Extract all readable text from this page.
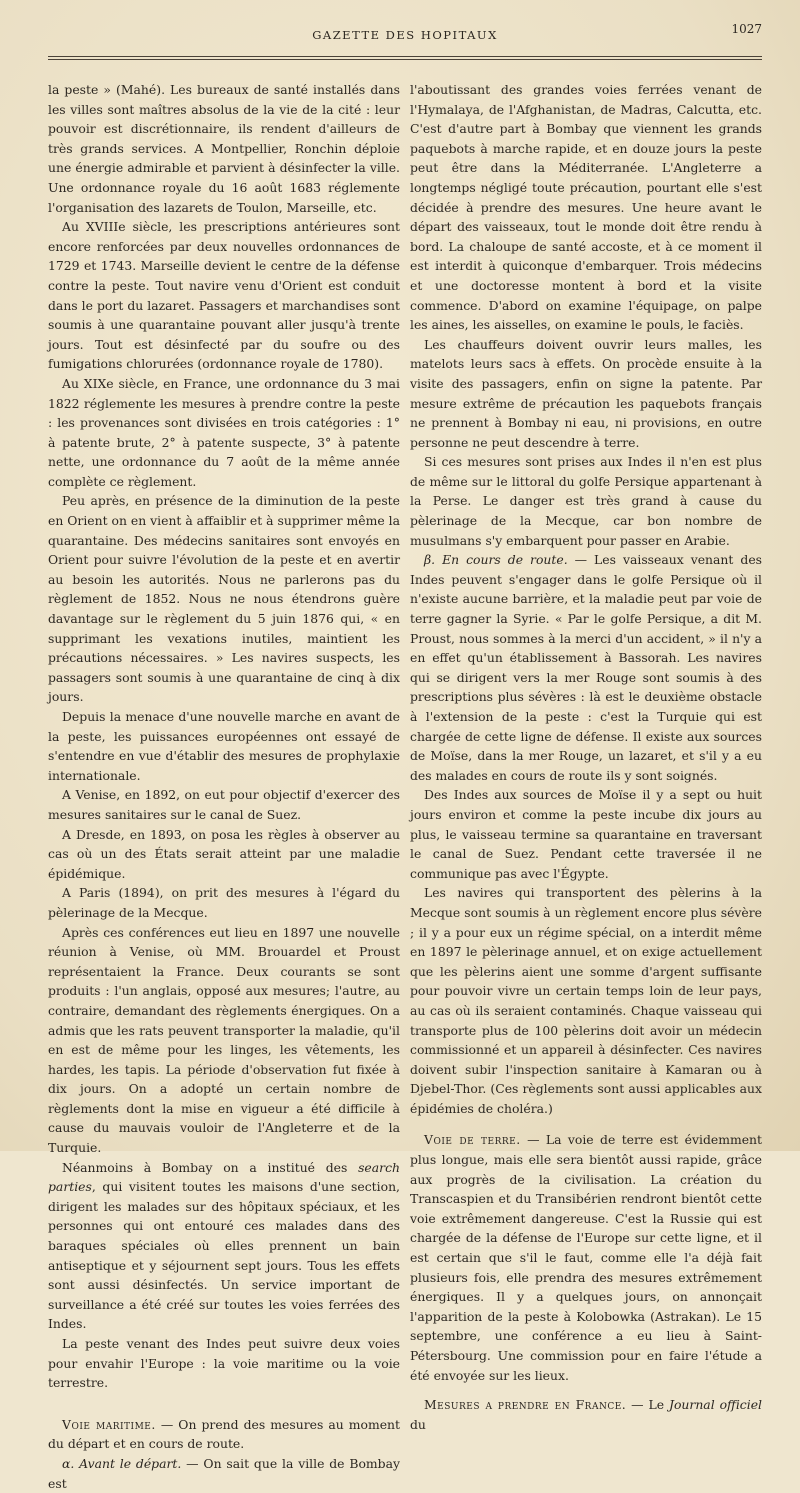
GAZETTE DES HOPITAUX	1027

la peste » (Mahé). Les bureaux de santé installés dans les villes sont maîtres absolus de la vie de la cité : leur pouvoir est discrétionnaire, ils rendent d'ailleurs de très grands services. A Montpellier, Ronchin déploie une énergie admirable et parvient à désinfecter la ville. Une ordonnance royale du 16 août 1683 réglemente l'organisation des lazarets de Toulon, Marseille, etc.

Au XVIIIe siècle, les prescriptions antérieures sont encore renforcées par deux nouvelles ordonnances de 1729 et 1743. Marseille devient le centre de la défense contre la peste. Tout navire venu d'Orient est conduit dans le port du lazaret. Passagers et marchandises sont soumis à une quarantaine pouvant aller jusqu'à trente jours. Tout est désinfecté par du soufre ou des fumigations chlorurées (ordonnance royale de 1780).

Au XIXe siècle, en France, une ordonnance du 3 mai 1822 réglemente les mesures à prendre contre la peste : les provenances sont divisées en trois catégories : 1° à patente brute, 2° à patente suspecte, 3° à patente nette, une ordonnance du 7 août de la même année complète ce règlement.

Peu après, en présence de la diminution de la peste en Orient on en vient à affaiblir et à supprimer même la quarantaine. Des médecins sanitaires sont envoyés en Orient pour suivre l'évolution de la peste et en avertir au besoin les autorités. Nous ne parlerons pas du règlement de 1852. Nous ne nous étendrons guère davantage sur le règlement du 5 juin 1876 qui, « en supprimant les vexations inutiles, maintient les précautions nécessaires. » Les navires suspects, les passagers sont soumis à une quarantaine de cinq à dix jours.

Depuis la menace d'une nouvelle marche en avant de la peste, les puissances européennes ont essayé de s'entendre en vue d'établir des mesures de prophylaxie internationale.

A Venise, en 1892, on eut pour objectif d'exercer des mesures sanitaires sur le canal de Suez.

A Dresde, en 1893, on posa les règles à observer au cas où un des États serait atteint par une maladie épidémique.

A Paris (1894), on prit des mesures à l'égard du pèlerinage de la Mecque.

Après ces conférences eut lieu en 1897 une nouvelle réunion à Venise, où MM. Brouardel et Proust représentaient la France. Deux courants se sont produits : l'un anglais, opposé aux mesures; l'autre, au contraire, demandant des règlements énergiques. On a admis que les rats peuvent transporter la maladie, qu'il en est de même pour les linges, les vêtements, les hardes, les tapis. La période d'observation fut fixée à dix jours. On a adopté un certain nombre de règlements dont la mise en vigueur a été difficile à cause du mauvais vouloir de l'Angleterre et de la Turquie.

Néanmoins à Bombay on a institué des search parties, qui visitent toutes les maisons d'une section, dirigent les malades sur des hôpitaux spéciaux, et les personnes qui ont entouré ces malades dans des baraques spéciales où elles prennent un bain antiseptique et y séjournent sept jours. Tous les effets sont aussi désinfectés. Un service important de surveillance a été créé sur toutes les voies ferrées des Indes.

La peste venant des Indes peut suivre deux voies pour envahir l'Europe : la voie maritime ou la voie terrestre.

Voie maritime. — On prend des mesures au moment du départ et en cours de route.

α. Avant le départ. — On sait que la ville de Bombay est

l'aboutissant des grandes voies ferrées venant de l'Hymalaya, de l'Afghanistan, de Madras, Calcutta, etc. C'est d'autre part à Bombay que viennent les grands paquebots à marche rapide, et en douze jours la peste peut être dans la Méditerranée. L'Angleterre a longtemps négligé toute précaution, pourtant elle s'est décidée à prendre des mesures. Une heure avant le départ des vaisseaux, tout le monde doit être rendu à bord. La chaloupe de santé accoste, et à ce moment il est interdit à quiconque d'embarquer. Trois médecins et une doctoresse montent à bord et la visite commence. D'abord on examine l'équipage, on palpe les aines, les aisselles, on examine le pouls, le faciès.

Les chauffeurs doivent ouvrir leurs malles, les matelots leurs sacs à effets. On procède ensuite à la visite des passagers, enfin on signe la patente. Par mesure extrême de précaution les paquebots français ne prennent à Bombay ni eau, ni provisions, en outre personne ne peut descendre à terre.

Si ces mesures sont prises aux Indes il n'en est plus de même sur le littoral du golfe Persique appartenant à la Perse. Le danger est très grand à cause du pèlerinage de la Mecque, car bon nombre de musulmans s'y embarquent pour passer en Arabie.

β. En cours de route. — Les vaisseaux venant des Indes peuvent s'engager dans le golfe Persique où il n'existe aucune barrière, et la maladie peut par voie de terre gagner la Syrie. « Par le golfe Persique, a dit M. Proust, nous sommes à la merci d'un accident, » il n'y a en effet qu'un établissement à Bassorah. Les navires qui se dirigent vers la mer Rouge sont soumis à des prescriptions plus sévères : là est le deuxième obstacle à l'extension de la peste : c'est la Turquie qui est chargée de cette ligne de défense. Il existe aux sources de Moïse, dans la mer Rouge, un lazaret, et s'il y a eu des malades en cours de route ils y sont soignés.

Des Indes aux sources de Moïse il y a sept ou huit jours environ et comme la peste incube dix jours au plus, le vaisseau termine sa quarantaine en traversant le canal de Suez. Pendant cette traversée il ne communique pas avec l'Égypte.

Les navires qui transportent des pèlerins à la Mecque sont soumis à un règlement encore plus sévère ; il y a pour eux un régime spécial, on a interdit même en 1897 le pèlerinage annuel, et on exige actuellement que les pèlerins aient une somme d'argent suffisante pour pouvoir vivre un certain temps loin de leur pays, au cas où ils seraient contaminés. Chaque vaisseau qui transporte plus de 100 pèlerins doit avoir un médecin commissionné et un appareil à désinfecter. Ces navires doivent subir l'inspection sanitaire à Kamaran ou à Djebel-Thor. (Ces règlements sont aussi applicables aux épidémies de choléra.)

Voie de terre. — La voie de terre est évidemment plus longue, mais elle sera bientôt aussi rapide, grâce aux progrès de la civilisation. La création du Transcaspien et du Transibérien rendront bientôt cette voie extrêmement dangereuse. C'est la Russie qui est chargée de la défense de l'Europe sur cette ligne, et il est certain que s'il le faut, comme elle l'a déjà fait plusieurs fois, elle prendra des mesures extrêmement énergiques. Il y a quelques jours, on annonçait l'apparition de la peste à Kolobowka (Astrakan). Le 15 septembre, une conférence a eu lieu à Saint-Pétersbourg. Une commission pour en faire l'étude a été envoyée sur les lieux.

Mesures a prendre en France. — Le Journal officiel du
